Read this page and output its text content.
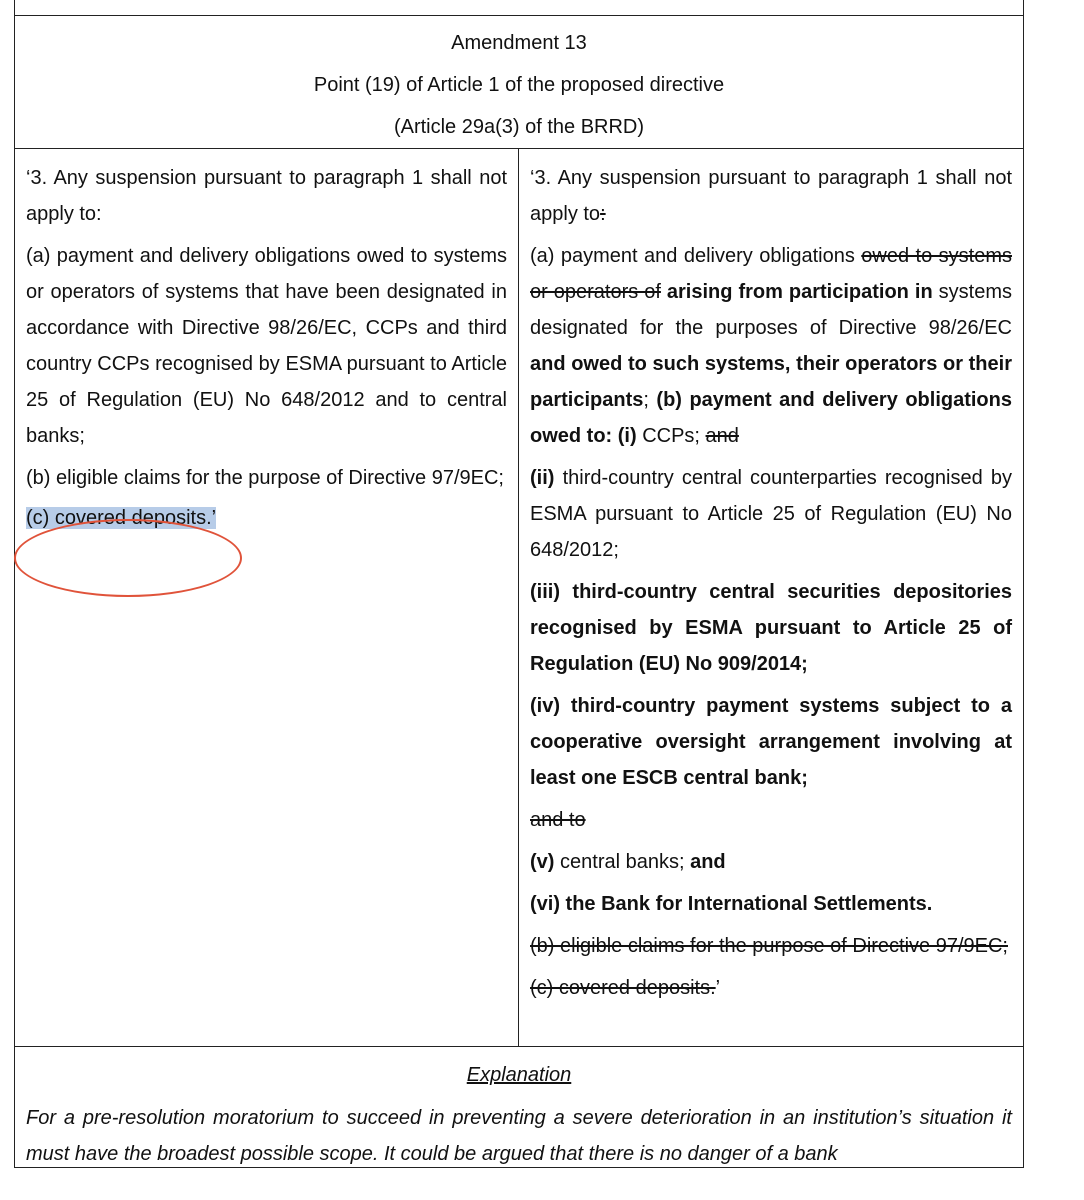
Amendment 13
Point (19) of Article 1 of the proposed directive
(Article 29a(3) of the BRRD)

‘3. Any suspension pursuant to paragraph 1 shall not apply to:

(a) payment and delivery obligations owed to systems or operators of systems that have been designated in accordance with Directive 98/26/EC, CCPs and third country CCPs recognised by ESMA pursuant to Article 25 of Regulation (EU) No 648/2012 and to central banks;

(b) eligible claims for the purpose of Directive 97/9EC;

(c) covered deposits.’

‘3. Any suspension pursuant to paragraph 1 shall not apply to:

(a) payment and delivery obligations owed to systems or operators of arising from participation in systems designated for the purposes of Directive 98/26/EC and owed to such systems, their operators or their participants; (b) payment and delivery obligations owed to: (i) CCPs; and

(ii) third-country central counterparties recognised by ESMA pursuant to Article 25 of Regulation (EU) No 648/2012;

(iii) third-country central securities depositories recognised by ESMA pursuant to Article 25 of Regulation (EU) No 909/2014;

(iv) third-country payment systems subject to a cooperative oversight arrangement involving at least one ESCB central bank;

and to

(v) central banks; and

(vi) the Bank for International Settlements.

(b) eligible claims for the purpose of Directive 97/9EC;

(c) covered deposits.’

Explanation
For a pre-resolution moratorium to succeed in preventing a severe deterioration in an institution’s situation it must have the broadest possible scope. It could be argued that there is no danger of a bank
